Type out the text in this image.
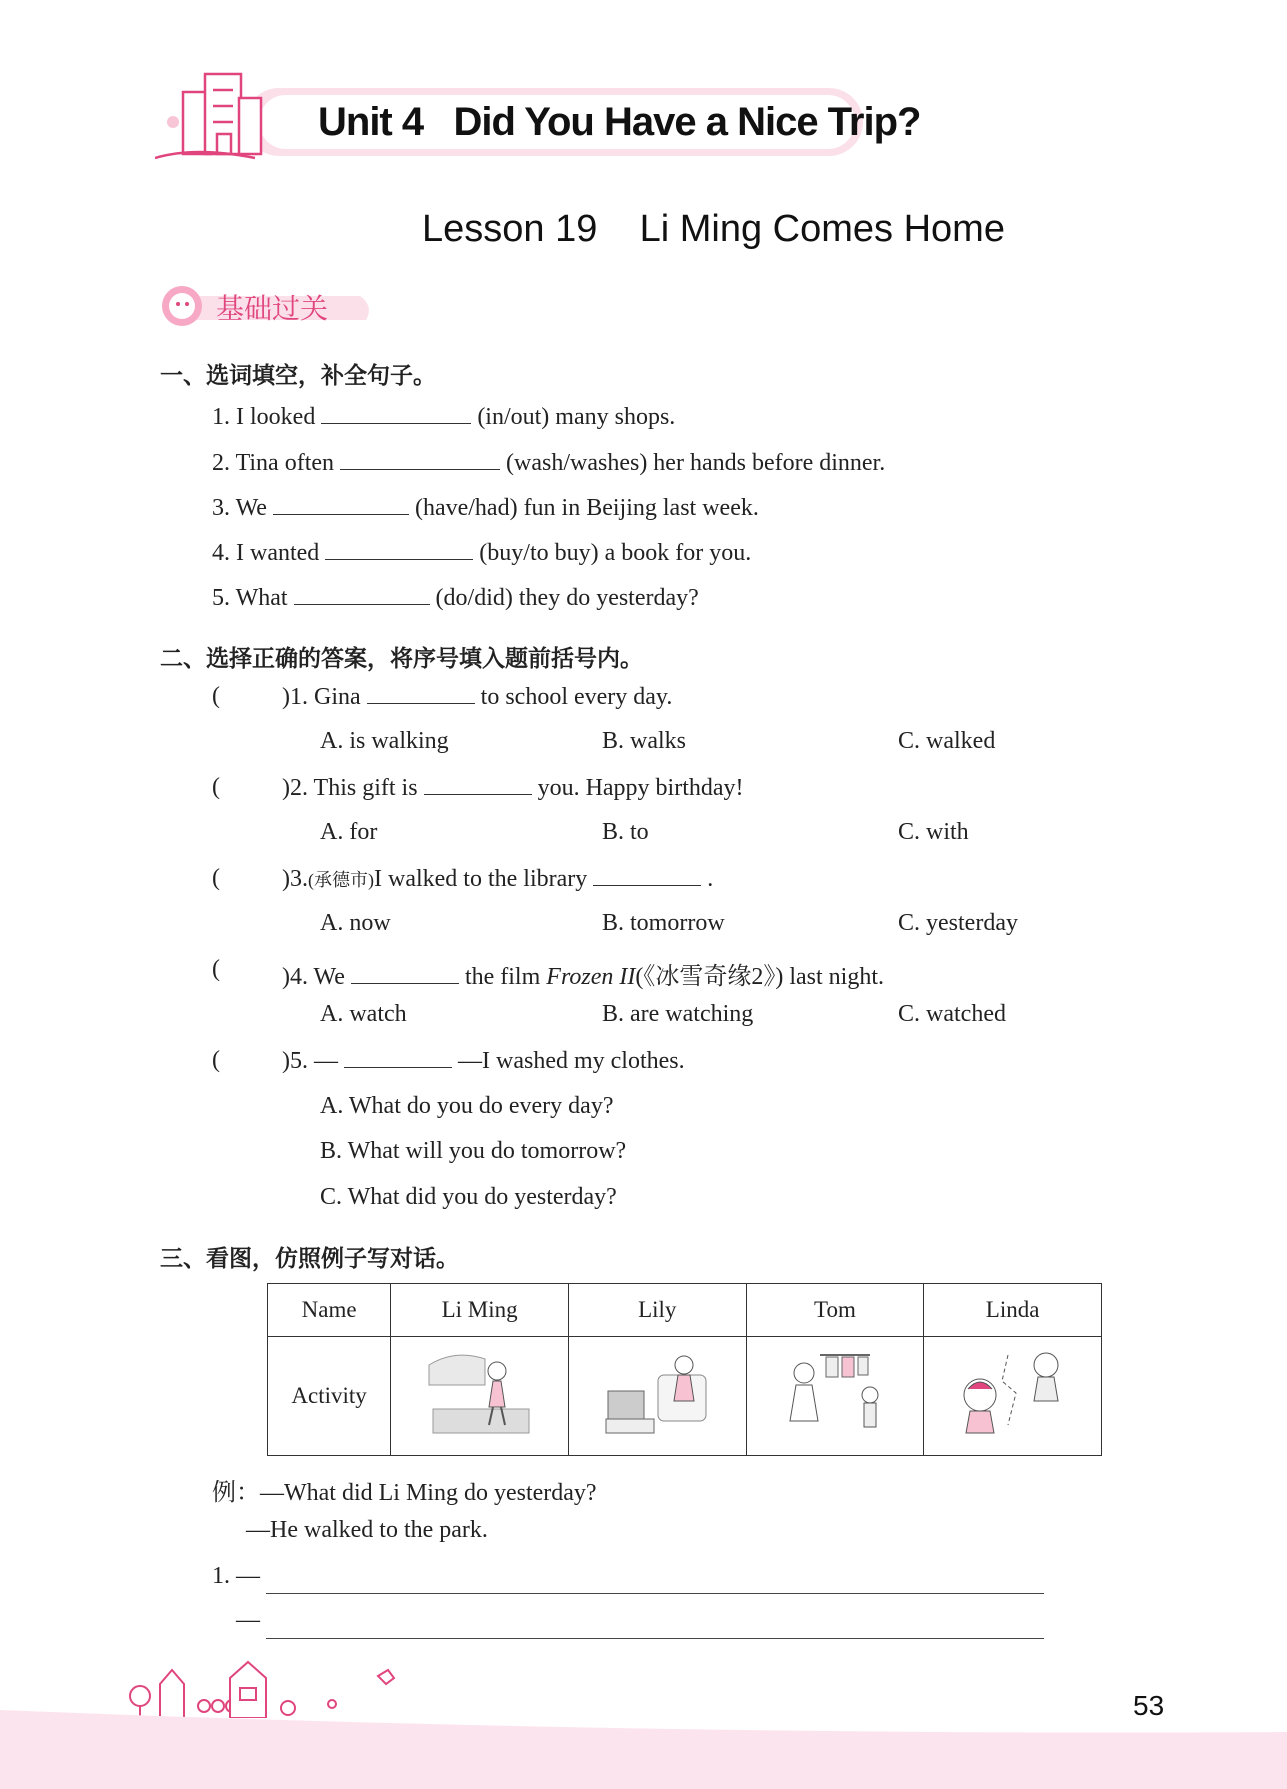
Unit 4   Did You Have a Nice Trip?
Lesson 19    Li Ming Comes Home
基础过关
一、选词填空，补全句子。
1. I looked	(in/out) many shops.
2. Tina often	(wash/washes) her hands before dinner.
3. We	(have/had) fun in Beijing last week.
4. I wanted	(buy/to buy) a book for you.
5. What	(do/did) they do yesterday?
二、选择正确的答案，将序号填入题前括号内。
(	)1. Gina	to school every day.
A. is walking	B. walks	C. walked
(	)2. This gift is	you. Happy birthday!
A. for	B. to	C. with
(	)3.(承德市)I walked to the library	.
A. now	B. tomorrow	C. yesterday
(	)4. We	the film Frozen II(《冰雪奇缘2》) last night.
A. watch	B. are watching	C. watched
(	)5. —	—I washed my clothes.
A. What do you do every day?
B. What will you do tomorrow?
C. What did you do yesterday?
三、看图，仿照例子写对话。
Name	Li Ming	Lily	Tom	Linda
Activity				
例：—What did Li Ming do yesterday?
—He walked to the park.
1. —
—
53
